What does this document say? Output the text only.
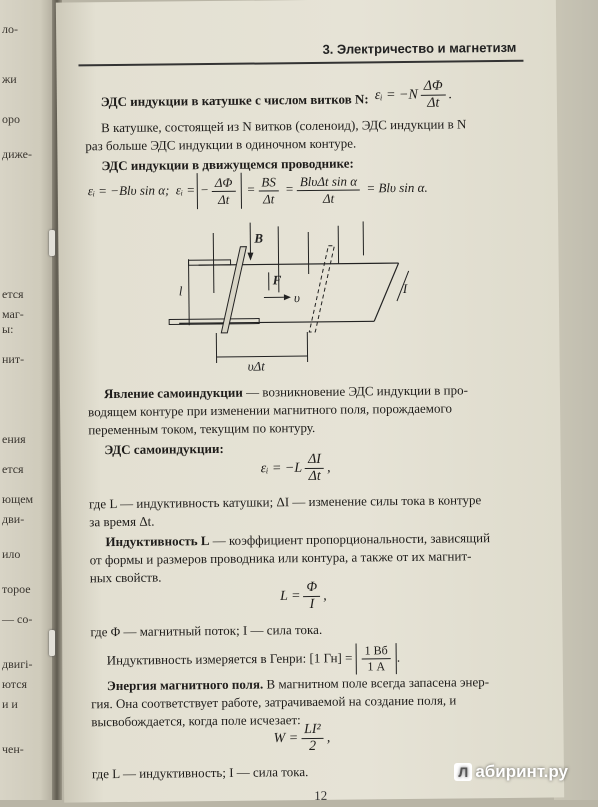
ло-
жи
оро
диже-
ется
маг-
ы:
нит-
ения
ется
ющем
дви-
ило
торое
— со-
двигі-
ются
и и
чен-
3. Электричество и магнетизм
ЭДС индукции в катушке с числом витков N: εᵢ = $-N \frac{\Delta\Phi}{\Delta t}$ .
В катушке, состоящей из N витков (соленоид), ЭДС индукции в N
раз больше ЭДС индукции в одиночном контуре.
ЭДС индукции в движущемся проводнике:
εᵢ = −Blυ sin α; εᵢ = − $\frac{\Delta\Phi}{\Delta t} = \frac{BS}{\Delta t} = \frac{\text{BlυΔt sin α}}{\Delta t} = Bl\upsilon$ sin α.
B
F
υ
l	I
υΔt
Явление самоиндукции — возникновение ЭДС индукции в про-
водящем контуре при изменении магнитного поля, порождаемого
переменным током, текущим по контуру.
ЭДС самоиндукции:
εᵢ = $-L \frac{\Delta I}{\Delta t}$ ,
где L — индуктивность катушки; ΔI — изменение силы тока в контуре
за время Δt.
Индуктивность L — коэффициент пропорциональности, зависящий
от формы и размеров проводника или контура, а также от их магнит-
ных свойств.
$L = \frac{\Phi}{I}$ ,
где Φ — магнитный поток; I — сила тока.
Индуктивность измеряется в Генри: [1 $Гн] = \frac{1 Вб}{1 А}$ .
Энергия магнитного поля. В магнитном поле всегда запасена энер-
гия. Она соответствует работе, затрачиваемой на создание поля, и
высвобождается, когда поле исчезает:
$W = \frac{\text{LI²}}{2}$ ,
где L — индуктивность; I — сила тока.
12
Л абиринт.ру
